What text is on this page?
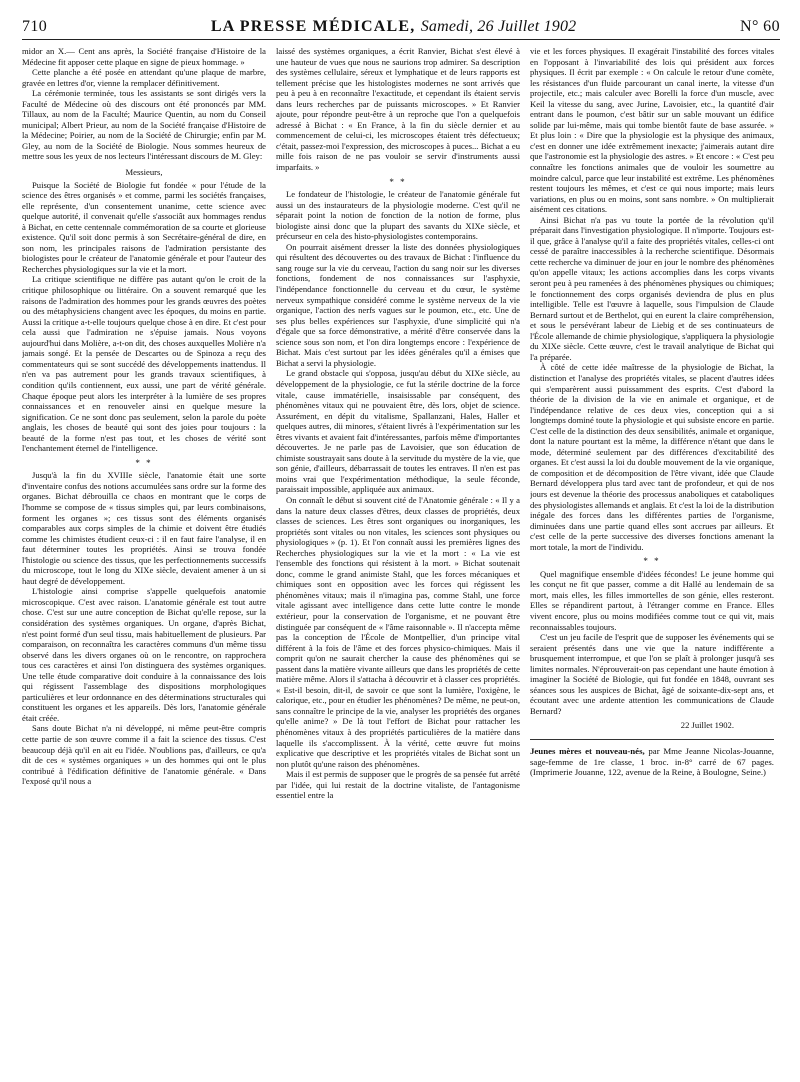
710	LA PRESSE MÉDICALE, Samedi, 26 Juillet 1902	N° 60

midor an X.— Cent ans après, la Société française d'Histoire de la Médecine fit apposer cette plaque en signe de pieux hommage. »

Cette planche a été posée en attendant qu'une plaque de marbre, gravée en lettres d'or, vienne la remplacer définitivement.

La cérémonie terminée, tous les assistants se sont dirigés vers la Faculté de Médecine où des discours ont été prononcés par MM. Tillaux, au nom de la Faculté; Maurice Quentin, au nom du Conseil municipal; Albert Prieur, au nom de la Société française d'Histoire de la Médecine; Poirier, au nom de la Société de Chirurgie; enfin par M. Gley, au nom de la Société de Biologie. Nous sommes heureux de mettre sous les yeux de nos lecteurs l'intéressant discours de M. Gley:

Messieurs,

Puisque la Société de Biologie fut fondée « pour l'étude de la science des êtres organisés » et comme, parmi les sociétés françaises, elle représente, d'un consentement unanime, cette science avec quelque autorité, il convenait qu'elle s'associât aux hommages rendus à Bichat, en cette centennale commémoration de sa courte et glorieuse existence. Qu'il soit donc permis à son Secrétaire-général de dire, en son nom, les principales raisons de l'admiration persistante des biologistes pour le créateur de l'anatomie générale et pour l'auteur des Recherches physiologiques sur la vie et la mort.

La critique scientifique ne diffère pas autant qu'on le croit de la critique philosophique ou littéraire. On a souvent remarqué que les raisons de l'admiration des hommes pour les grands œuvres des poètes ou des métaphysiciens changent avec les époques, du moins en partie. Aussi la critique a-t-elle toujours quelque chose à en dire. Et c'est pour cela aussi que l'admiration ne s'épuise jamais. Nous voyons aujourd'hui dans Molière, a-t-on dit, des choses auxquelles Molière n'a jamais songé. Et la pensée de Descartes ou de Spinoza a reçu des commentateurs qui se sont succédé des développements inattendus. Il n'en va pas autrement pour les grands travaux scientifiques, à condition qu'ils contiennent, eux aussi, une part de vérité générale. Chaque époque peut alors les interpréter à la lumière de ses propres connaissances et en renouveler ainsi en quelque mesure la signification. Ce ne sont donc pas seulement, selon la parole du poète anglais, les choses de beauté qui sont des joies pour toujours : la beauté de la forme n'est pas tout, et les choses de vérité sont l'enchantement éternel de l'intelligence.

* *

Jusqu'à la fin du XVIIIe siècle, l'anatomie était une sorte d'inventaire confus des notions accumulées sans ordre sur la forme des organes. Bichat débrouilla ce chaos en montrant que le corps de l'homme se compose de « tissus simples qui, par leurs combinaisons, forment les organes »; ces tissus sont des éléments organisés comparables aux corps simples de la chimie et doivent être étudiés comme les chimistes étudient ceux-ci : il en faut faire l'analyse, il en faut déterminer toutes les propriétés. Ainsi se trouva fondée l'histologie ou science des tissus, que les perfectionnements successifs du microscope, tout le long du XIXe siècle, devaient amener à un si haut degré de développement.

L'histologie ainsi comprise s'appelle quelquefois anatomie microscopique. C'est avec raison. L'anatomie générale est tout autre chose. C'est sur une autre conception de Bichat qu'elle repose, sur la considération des systèmes organiques. Un organe, d'après Bichat, n'est point formé d'un seul tissu, mais habituellement de plusieurs. Par comparaison, on reconnaîtra les caractères communs d'un même tissu observé dans les divers organes où on le rencontre, on rapprochera tous ces caractères et ainsi l'on distinguera des systèmes organiques. Une telle étude comparative doit conduire à la connaissance des lois qui régissent l'assemblage des dispositions morphologiques particulières et leur ordonnance en des déterminations structurales qui constituent les organes et les appareils. Dès lors, l'anatomie générale était créée.

Sans doute Bichat n'a ni développé, ni même peut-être compris cette partie de son œuvre comme il a fait la science des tissus. C'est beaucoup déjà qu'il en ait eu l'idée. N'oublions pas, d'ailleurs, ce qu'a dit de ces « systèmes organiques » un des hommes qui ont le plus contribué à l'édification définitive de l'anatomie générale. « Dans l'exposé qu'il nous a

laissé des systèmes organiques, a écrit Ranvier, Bichat s'est élevé à une hauteur de vues que nous ne saurions trop admirer. Sa description des systèmes cellulaire, séreux et lymphatique et de leurs rapports est tellement précise que les histologistes modernes ne sont arrivés que peu à peu à en reconnaître l'exactitude, et cependant ils étaient servis dans leurs recherches par de puissants microscopes. » Et Ranvier ajoute, pour répondre peut-être à un reproche que l'on a quelquefois adressé à Bichat : « En France, à la fin du siècle dernier et au commencement de celui-ci, les microscopes étaient très défectueux; c'était, passez-moi l'expression, des microscopes à puces... Bichat a eu mille fois raison de ne pas vouloir se servir d'instruments aussi imparfaits. »

* *

Le fondateur de l'histologie, le créateur de l'anatomie générale fut aussi un des instaurateurs de la physiologie moderne. C'est qu'il ne séparait point la notion de fonction de la notion de forme, plus biologiste ainsi donc que la plupart des savants du XIXe siècle, et précurseur en cela des histo-physiologistes contemporains.

On pourrait aisément dresser la liste des données physiologiques qui résultent des découvertes ou des travaux de Bichat : l'influence du sang rouge sur la vie du cerveau, l'action du sang noir sur les diverses fonctions, fondement de nos connaissances sur l'asphyxie, l'indépendance fonctionnelle du cerveau et du cœur, le système nerveux sympathique considéré comme le système nerveux de la vie organique, l'action des nerfs vagues sur le poumon, etc., etc. Une de ses plus belles expériences sur l'asphyxie, d'une simplicité qui n'a d'égale que sa force démonstrative, a mérité d'être conservée dans la science sous son nom, et l'on dira longtemps encore : l'expérience de Bichat. Mais c'est surtout par les idées générales qu'il a émises que Bichat a servi la physiologie.

Le grand obstacle qui s'opposa, jusqu'au début du XIXe siècle, au développement de la physiologie, ce fut la stérile doctrine de la force vitale, cause immatérielle, insaisissable par conséquent, des phénomènes vitaux qui ne pouvaient être, dès lors, objet de science. Assurément, en dépit du vitalisme, Spallanzani, Hales, Haller et quelques autres, dii minores, s'étaient livrés à l'expérimentation sur les êtres vivants et avaient fait d'intéressantes, parfois même d'importantes découvertes. Je ne parle pas de Lavoisier, que son éducation de chimiste soustrayait sans doute à la servitude du mystère de la vie, que son génie, d'ailleurs, débarrassait de toutes les entraves. Il n'en est pas moins vrai que l'expérimentation méthodique, la seule féconde, paraissait impossible, appliquée aux animaux.

On connaît le début si souvent cité de l'Anatomie générale : « Il y a dans la nature deux classes d'êtres, deux classes de propriétés, deux classes de sciences. Les êtres sont organiques ou inorganiques, les propriétés sont vitales ou non vitales, les sciences sont physiques ou physiologiques » (p. 1). Et l'on connaît aussi les premières lignes des Recherches physiologiques sur la vie et la mort : « La vie est l'ensemble des fonctions qui résistent à la mort. » Bichat soutenait donc, comme le grand animiste Stahl, que les forces mécaniques et chimiques sont en opposition avec les forces qui régissent les phénomènes vitaux; mais il n'imagina pas, comme Stahl, une force vitale agissant avec intelligence dans cette lutte contre le monde extérieur, pour la conservation de l'organisme, et ne pouvant être distinguée par conséquent de « l'âme raisonnable ». Il n'accepta même pas la conception de l'École de Montpellier, d'un principe vital différent à la fois de l'âme et des forces physico-chimiques. Mais il comprit qu'on ne saurait chercher la cause des phénomènes qui se passent dans la matière vivante ailleurs que dans les propriétés de cette matière même. Alors il s'attacha à découvrir et à classer ces propriétés. « Est-il besoin, dit-il, de savoir ce que sont la lumière, l'oxigène, le calorique, etc., pour en étudier les phénomènes? De même, ne peut-on, sans connaître le principe de la vie, analyser les propriétés des organes qu'elle anime? » De là tout l'effort de Bichat pour rattacher les phénomènes vitaux à des propriétés particulières de la matière dans laquelle ils s'accomplissent. À la vérité, cette œuvre fut moins explicative que descriptive et les propriétés vitales de Bichat sont un non plutôt qu'une raison des phénomènes.

Mais il est permis de supposer que le progrès de sa pensée fut arrêté par l'idée, qui lui restait de la doctrine vitaliste, de l'antagonisme essentiel entre la

vie et les forces physiques. Il exagérait l'instabilité des forces vitales en l'opposant à l'invariabilité des lois qui président aux forces physiques. Il écrit par exemple : « On calcule le retour d'une comète, les résistances d'un fluide parcourant un canal inerte, la vitesse d'un projectile, etc.; mais calculer avec Borelli la force d'un muscle, avec Keil la vitesse du sang, avec Jurine, Lavoisier, etc., la quantité d'air entrant dans le poumon, c'est bâtir sur un sable mouvant un édifice solide par lui-même, mais qui tombe bientôt faute de base assurée. » Et plus loin : « Dire que la physiologie est la physique des animaux, c'est en donner une idée extrêmement inexacte; j'aimerais autant dire que l'astronomie est la physiologie des astres. » Et encore : « C'est peu connaître les fonctions animales que de vouloir les soumettre au moindre calcul, parce que leur instabilité est extrême. Les phénomènes restent toujours les mêmes, et c'est ce qui nous importe; mais leurs variations, en plus ou en moins, sont sans nombre. » On multiplierait aisément ces citations.

Ainsi Bichat n'a pas vu toute la portée de la révolution qu'il préparait dans l'investigation physiologique. Il n'importe. Toujours est-il que, grâce à l'analyse qu'il a faite des propriétés vitales, celles-ci ont cessé de paraître inaccessibles à la recherche scientifique. Désormais cette recherche va diminuer de jour en jour le nombre des phénomènes qu'on appelle vitaux; les actions accomplies dans les corps vivants seront peu à peu ramenées à des phénomènes physiques ou chimiques; le fonctionnement des corps organisés deviendra de plus en plus intelligible. Telle est l'œuvre à laquelle, sous l'impulsion de Claude Bernard surtout et de Berthelot, qui en eurent la claire compréhension, et sous le persévérant labeur de Liebig et de ses continuateurs de l'École allemande de chimie physiologique, s'appliquera la physiologie du XIXe siècle. Cette œuvre, c'est le travail analytique de Bichat qui l'a préparée.

À côté de cette idée maîtresse de la physiologie de Bichat, la distinction et l'analyse des propriétés vitales, se placent d'autres idées qui s'emparèrent aussi puissamment des esprits. C'est d'abord la théorie de la division de la vie en animale et organique, et de l'indépendance relative de ces deux vies, conception qui a si longtemps dominé toute la physiologie et qui subsiste encore en partie. C'est celle de la distinction des deux sensibilités, animale et organique, dont la nature pourtant est la même, la différence n'étant que dans le mode, déterminé seulement par des différences d'excitabilité des organes. Et c'est aussi la loi du double mouvement de la vie organique, de composition et de décomposition de l'être vivant, idée que Claude Bernard développera plus tard avec tant de profondeur, et qui de nos jours est devenue la théorie des processus anaboliques et cataboliques des physiologistes allemands et anglais. Et c'est la loi de la distribution inégale des forces dans les différentes parties de l'organisme, diminuées dans une partie quand elles sont accrues par ailleurs. Et c'est celle de la perte successive des diverses fonctions amenant la mort totale, la mort de l'individu.

* *

Quel magnifique ensemble d'idées fécondes! Le jeune homme qui les conçut ne fit que passer, comme a dit Hallé au lendemain de sa mort, mais elles, les filles immortelles de son génie, elles resteront. Elles se répandirent partout, à l'étranger comme en France. Elles vivent encore, plus ou moins modifiées comme tout ce qui vit, mais reconnaissables toujours.

C'est un jeu facile de l'esprit que de supposer les événements qui se seraient présentés dans une vie que la nature indifférente a brusquement interrompue, et que l'on se plaît à prolonger jusqu'à ses limites normales. N'éprouverait-on pas cependant une haute émotion à imaginer la Société de Biologie, qui fut fondée en 1848, ouvrant ses séances sous les auspices de Bichat, âgé de soixante-dix-sept ans, et écoutant avec une ardente attention les communications de Claude Bernard?

22 Juillet 1902.

Jeunes mères et nouveau-nés, par Mme Jeanne Nicolas-Jouanne, sage-femme de 1re classe, 1 broc. in-8° carré de 67 pages. (Imprimerie Jouanne, 122, avenue de la Reine, à Boulogne, Seine.)
